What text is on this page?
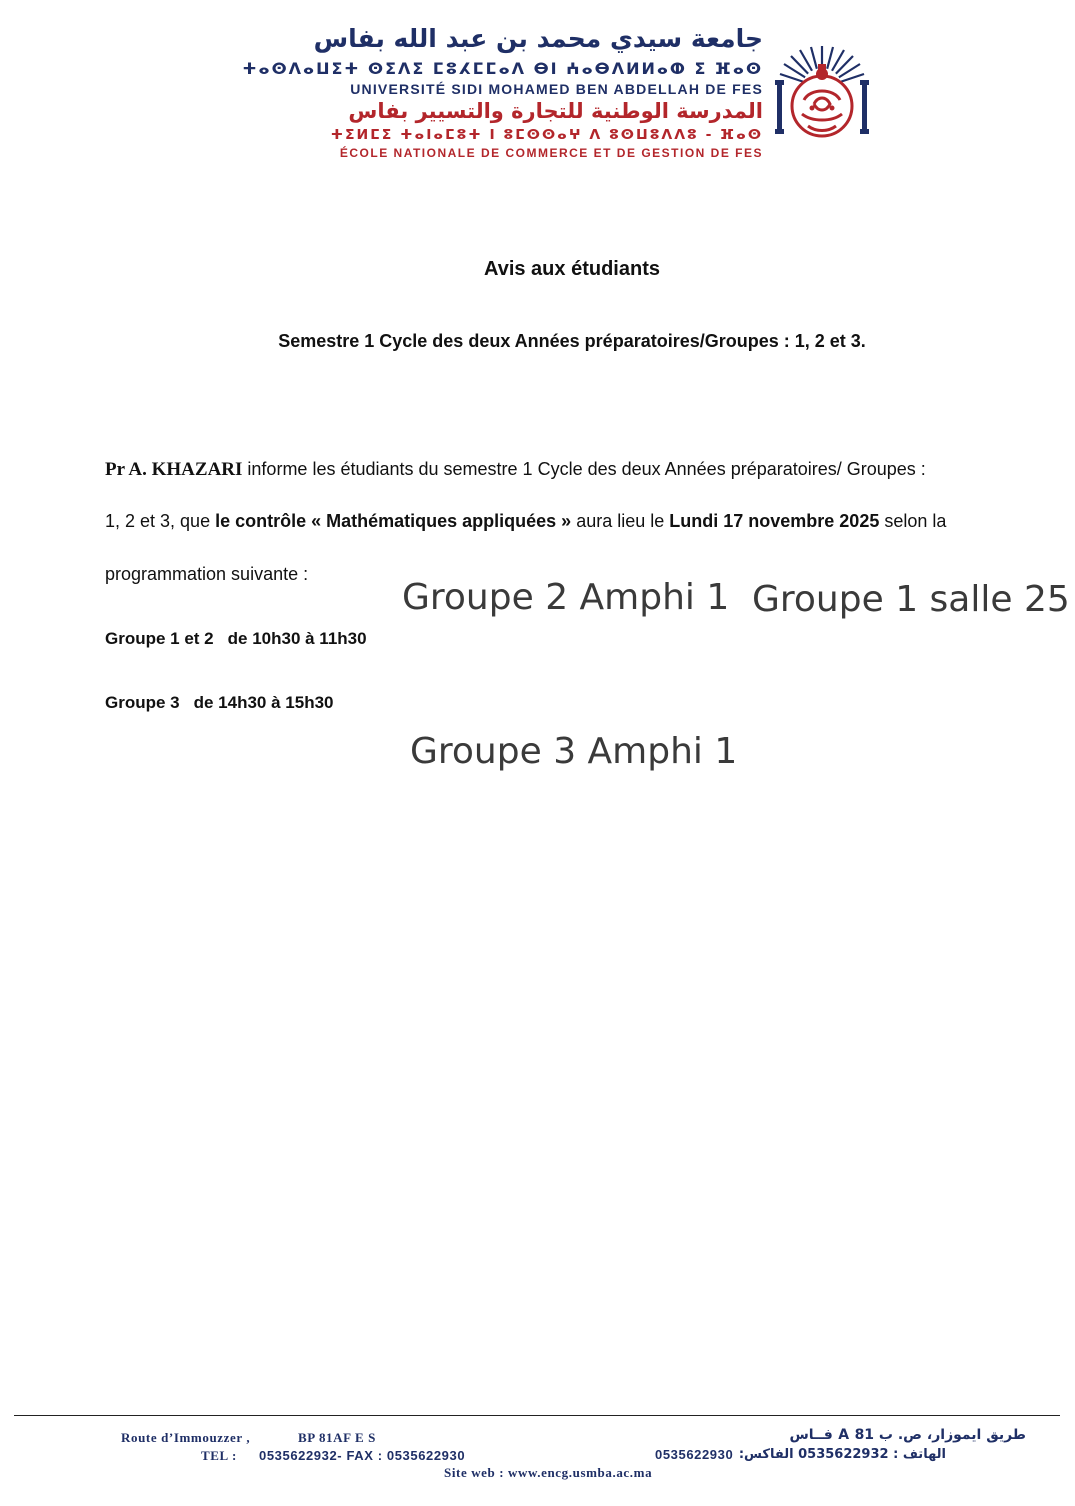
جامعة سيدي محمد بن عبد الله بفاس
ⵜⴰⵙⴷⴰⵡⵉⵜ ⵙⵉⴷⵉ ⵎⵓⵃⵎⵎⴰⴷ ⴱⵏ ⵄⴰⴱⴷⵍⵍⴰⵀ ⵉ ⴼⴰⵙ
UNIVERSITÉ SIDI MOHAMED BEN ABDELLAH DE FES
المدرسة الوطنية للتجارة والتسيير بفاس
ⵜⵉⵍⵎⵉ ⵜⴰⵏⴰⵎⵓⵜ ⵏ ⵓⵎⵙⵙⴰⵖ ⴷ ⵓⵙⵡⵓⴷⴷⵓ - ⴼⴰⵙ
ÉCOLE NATIONALE DE COMMERCE ET DE GESTION DE FES
Avis aux étudiants
Semestre 1 Cycle des deux Années préparatoires/Groupes : 1, 2 et 3.
Pr A. KHAZARI informe les étudiants du semestre 1 Cycle des deux Années préparatoires/ Groupes :
1, 2 et 3, que le contrôle « Mathématiques appliquées » aura lieu le Lundi 17 novembre 2025 selon la
programmation suivante :
Groupe 1 et 2 de 10h30 à 11h30
Groupe 3 de 14h30 à 15h30
Groupe 2 Amphi 1 Groupe 1 salle 25
Groupe 3 Amphi 1
Route d’Immouzzer ,	BP 81AF E S
TEL : 0535622932- FAX : 0535622930
Site web : www.encg.usmba.ac.ma
طريق ايموزار، ص. ب 81 A فــاس
0535622930 الهاتف : 0535622932 الفاكس:
